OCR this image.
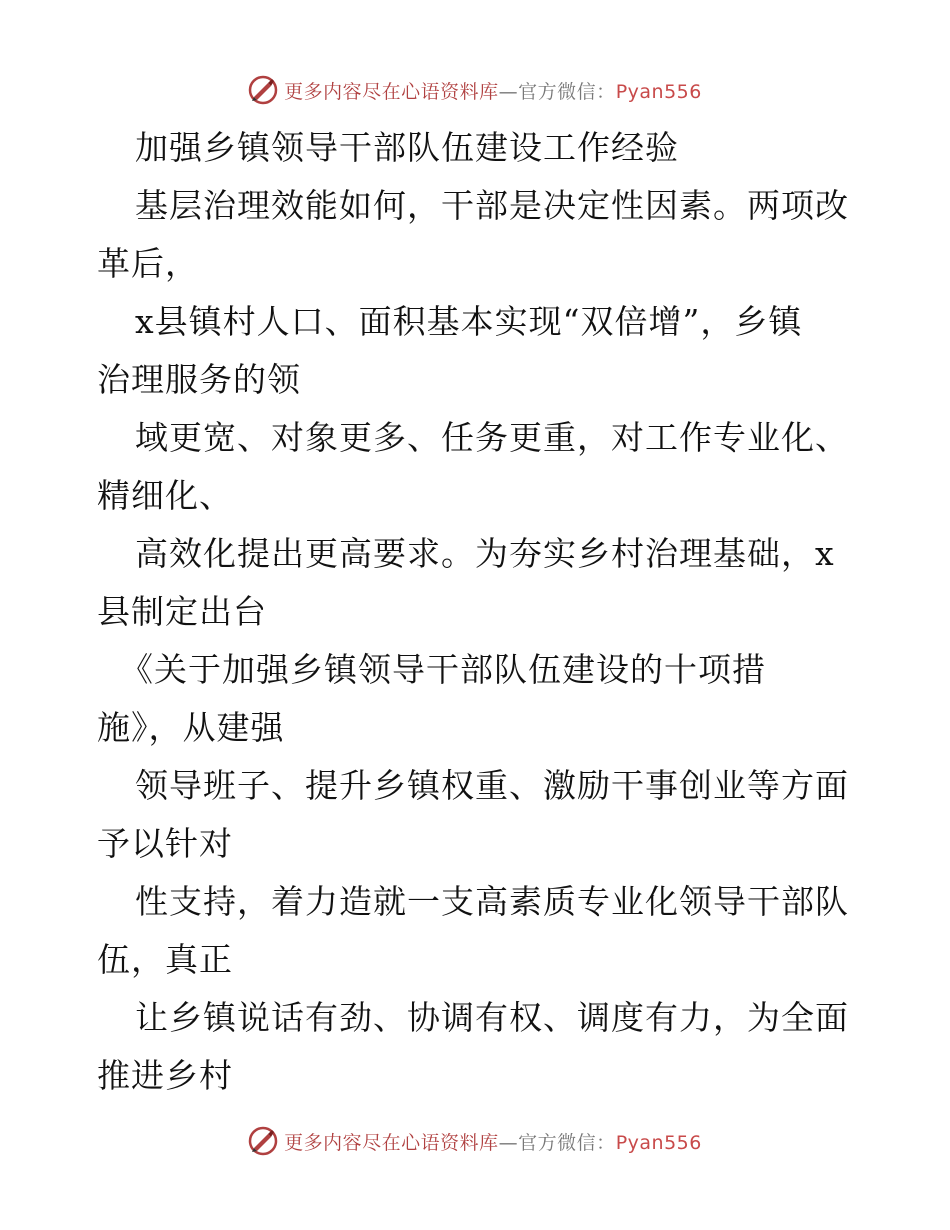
更多内容尽在心语资料库—官方微信：Pyan556
加强乡镇领导干部队伍建设工作经验
基层治理效能如何，干部是决定性因素。两项改
革后，
x县镇村人口、面积基本实现“双倍增”，乡镇
治理服务的领
域更宽、对象更多、任务更重，对工作专业化、
精细化、
高效化提出更高要求。为夯实乡村治理基础，x
县制定出台
《关于加强乡镇领导干部队伍建设的十项措
施》，从建强
领导班子、提升乡镇权重、激励干事创业等方面
予以针对
性支持，着力造就一支高素质专业化领导干部队
伍，真正
让乡镇说话有劲、协调有权、调度有力，为全面
推进乡村
更多内容尽在心语资料库—官方微信：Pyan556
